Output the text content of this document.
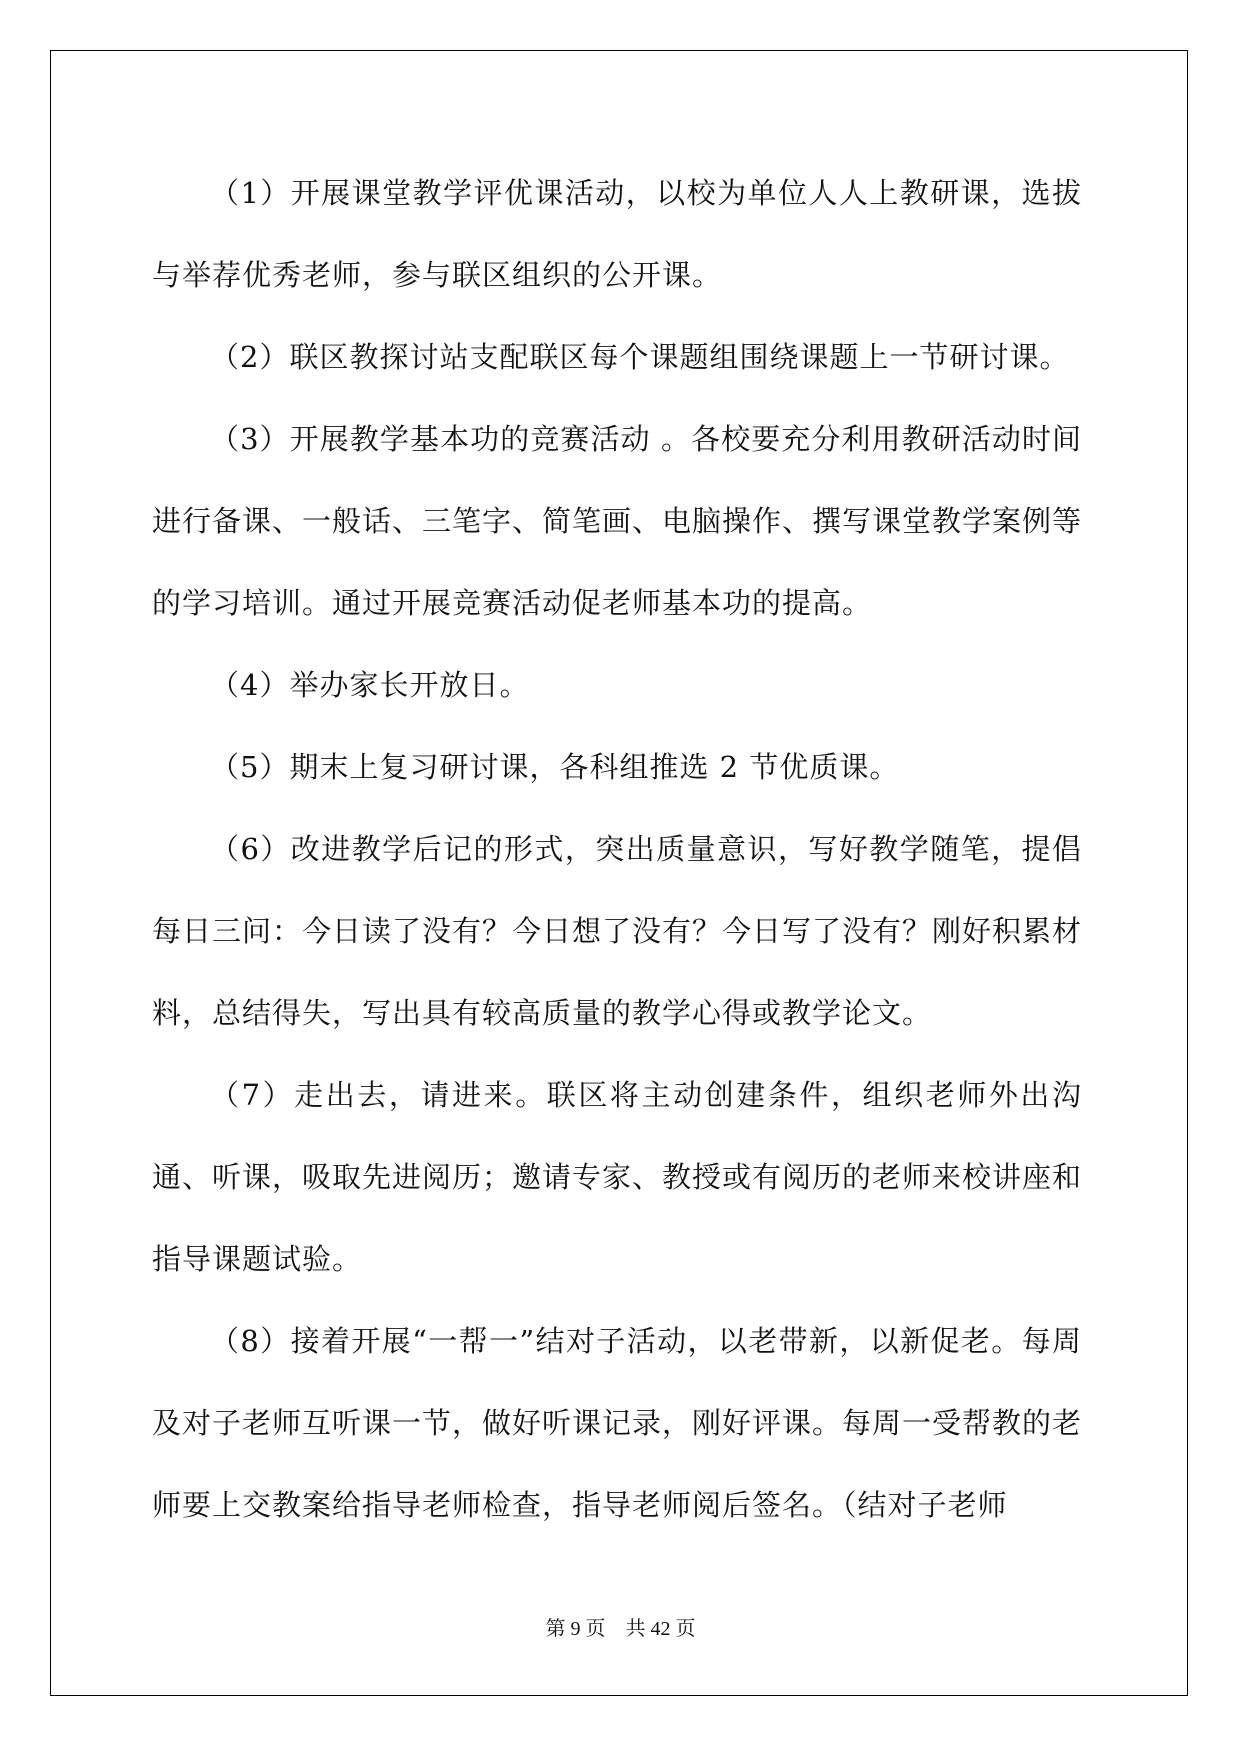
（1）开展课堂教学评优课活动，以校为单位人人上教研课，选拔与举荐优秀老师，参与联区组织的公开课。

（2）联区教探讨站支配联区每个课题组围绕课题上一节研讨课。

（3）开展教学基本功的竞赛活动 。各校要充分利用教研活动时间进行备课、一般话、三笔字、简笔画、电脑操作、撰写课堂教学案例等的学习培训。通过开展竞赛活动促老师基本功的提高。

（4）举办家长开放日。

（5）期末上复习研讨课，各科组推选 2 节优质课。

（6）改进教学后记的形式，突出质量意识，写好教学随笔，提倡每日三问：今日读了没有？今日想了没有？今日写了没有？刚好积累材料，总结得失，写出具有较高质量的教学心得或教学论文。

（7）走出去，请进来。联区将主动创建条件，组织老师外出沟通、听课，吸取先进阅历；邀请专家、教授或有阅历的老师来校讲座和指导课题试验。

（8）接着开展“一帮一”结对子活动，以老带新，以新促老。每周及对子老师互听课一节，做好听课记录，刚好评课。每周一受帮教的老师要上交教案给指导老师检查，指导老师阅后签名。（结对子老师

第 9 页 共 42 页
